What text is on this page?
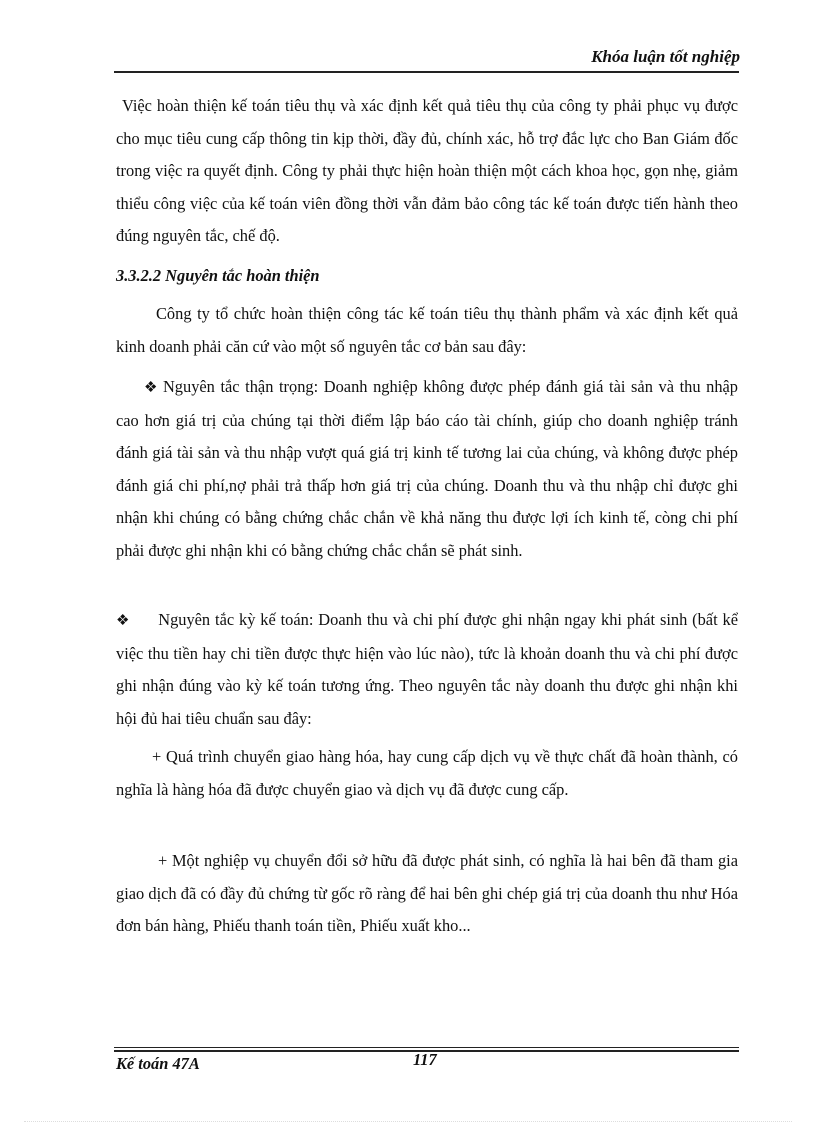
Khóa luận tốt nghiệp

Việc hoàn thiện kế toán tiêu thụ và xác định kết quả tiêu thụ của công ty phải phục vụ được cho mục tiêu cung cấp thông tin kịp thời, đầy đủ, chính xác, hỗ trợ đắc lực cho Ban Giám đốc trong việc ra quyết định. Công ty phải thực hiện hoàn thiện một cách khoa học, gọn nhẹ, giảm thiểu công việc của kế toán viên đồng thời vẫn đảm bảo công tác kế toán được tiến hành theo đúng nguyên tắc, chế độ.

3.3.2.2 Nguyên tắc hoàn thiện

Công ty tổ chức hoàn thiện công tác kế toán tiêu thụ thành phẩm và xác định kết quả kinh doanh phải căn cứ vào một số nguyên tắc cơ bản sau đây:

❖ Nguyên tắc thận trọng: Doanh nghiệp không được phép đánh giá tài sản và thu nhập cao hơn giá trị của chúng tại thời điểm lập báo cáo tài chính, giúp cho doanh nghiệp tránh đánh giá tài sản và thu nhập vượt quá giá trị kinh tế tương lai của chúng, và không được phép đánh giá chi phí,nợ phải trả thấp hơn giá trị của chúng. Doanh thu và thu nhập chỉ được ghi nhận khi chúng có bằng chứng chắc chắn về khả năng thu được lợi ích kinh tế, còng chi phí phải được ghi nhận khi có bằng chứng chắc chắn sẽ phát sinh.

❖ Nguyên tắc kỳ kế toán: Doanh thu và chi phí được ghi nhận ngay khi phát sinh (bất kể việc thu tiền hay chi tiền được thực hiện vào lúc nào), tức là khoản doanh thu và chi phí được ghi nhận đúng vào kỳ kế toán tương ứng. Theo nguyên tắc này doanh thu được ghi nhận khi hội đủ hai tiêu chuẩn sau đây:

+ Quá trình chuyển giao hàng hóa, hay cung cấp dịch vụ về thực chất đã hoàn thành, có nghĩa là hàng hóa đã được chuyển giao và dịch vụ đã được cung cấp.

+ Một nghiệp vụ chuyển đổi sở hữu đã được phát sinh, có nghĩa là hai bên đã tham gia giao dịch đã có đầy đủ chứng từ gốc rõ ràng để hai bên ghi chép giá trị của doanh thu như Hóa đơn bán hàng, Phiếu thanh toán tiền, Phiếu xuất kho...

Kế toán 47A	117
